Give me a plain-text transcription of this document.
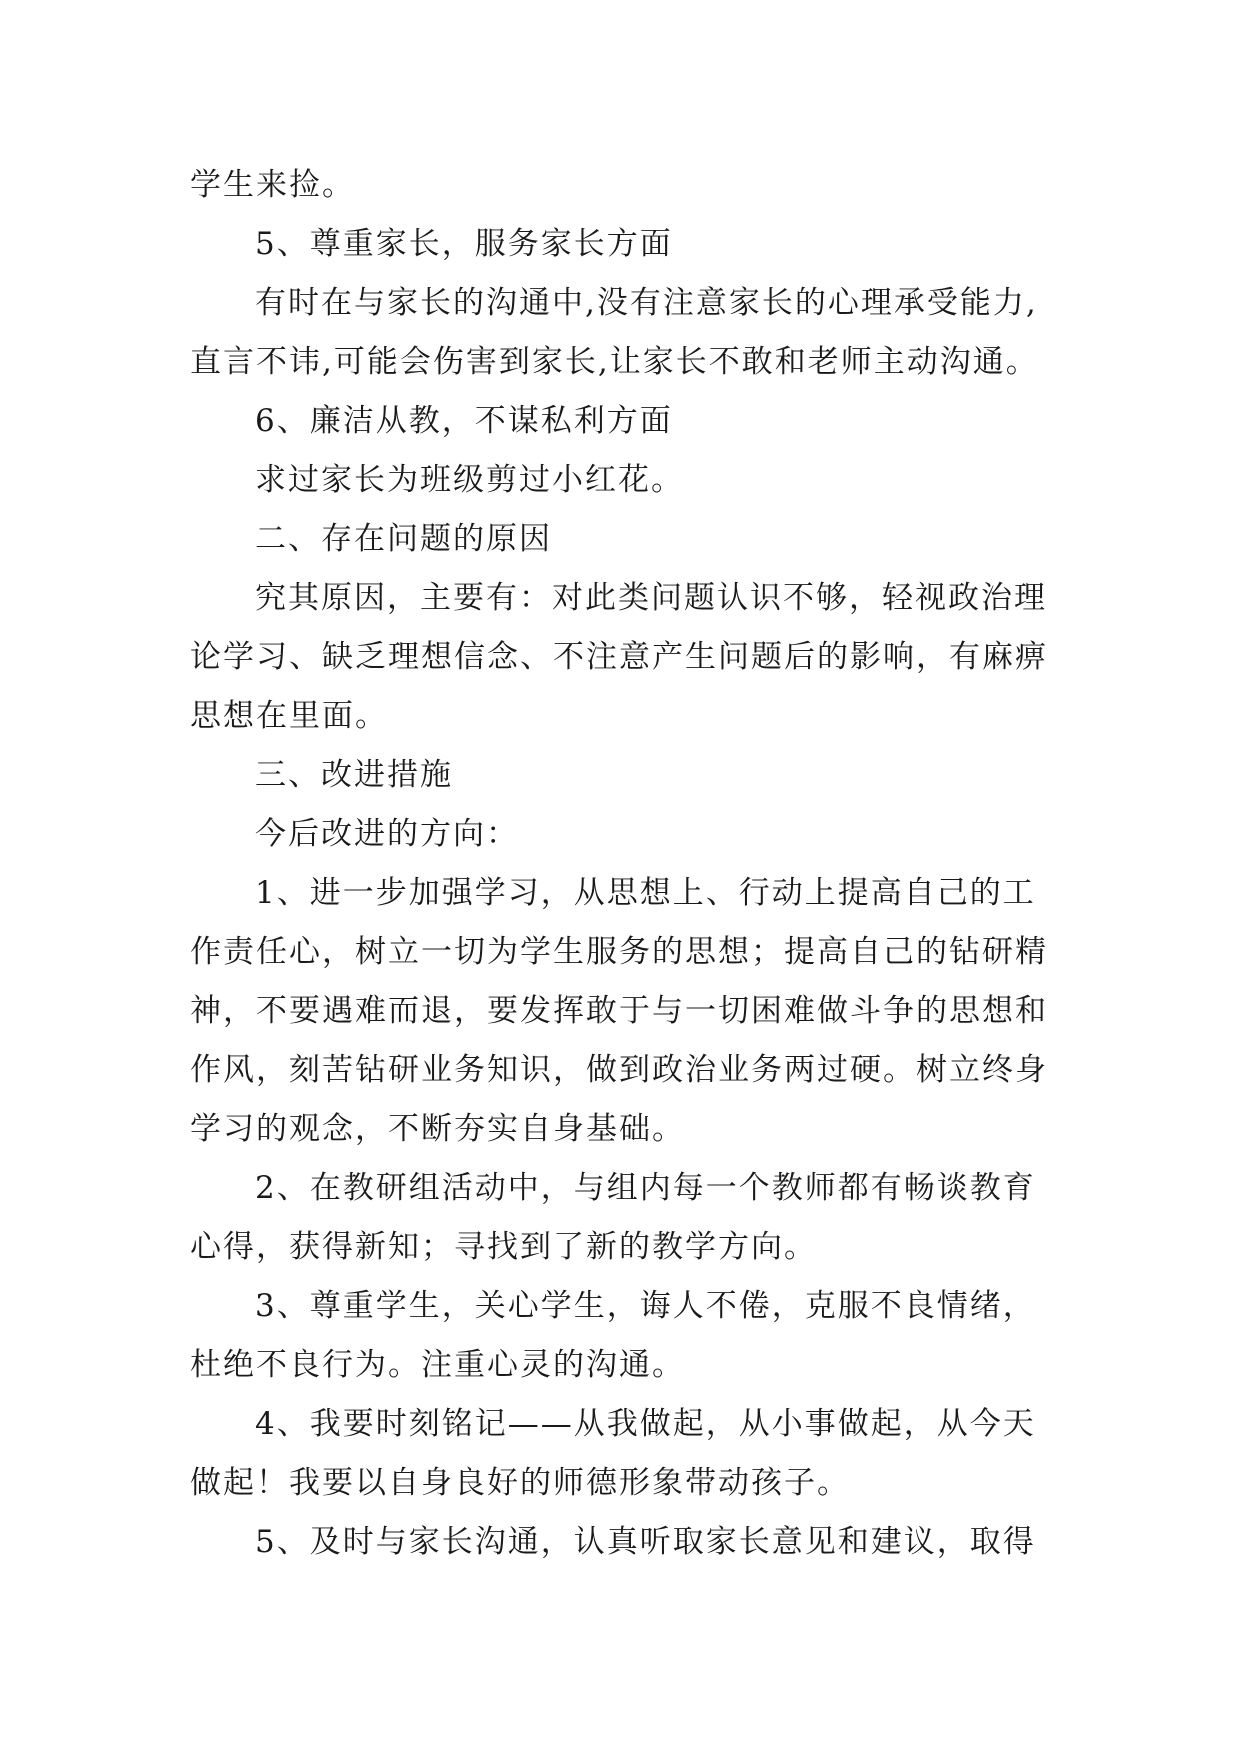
学生来捡。
5、尊重家长，服务家长方面
有时在与家长的沟通中,没有注意家长的心理承受能力,
直言不讳,可能会伤害到家长,让家长不敢和老师主动沟通。
6、廉洁从教，不谋私利方面
求过家长为班级剪过小红花。
二、存在问题的原因
究其原因，主要有：对此类问题认识不够，轻视政治理
论学习、缺乏理想信念、不注意产生问题后的影响，有麻痹
思想在里面。
三、改进措施
今后改进的方向：
1、进一步加强学习，从思想上、行动上提高自己的工
作责任心，树立一切为学生服务的思想；提高自己的钻研精
神，不要遇难而退，要发挥敢于与一切困难做斗争的思想和
作风，刻苦钻研业务知识，做到政治业务两过硬。树立终身
学习的观念，不断夯实自身基础。
2、在教研组活动中，与组内每一个教师都有畅谈教育
心得，获得新知；寻找到了新的教学方向。
3、尊重学生，关心学生，诲人不倦，克服不良情绪，
杜绝不良行为。注重心灵的沟通。
4、我要时刻铭记——从我做起，从小事做起，从今天
做起！我要以自身良好的师德形象带动孩子。
5、及时与家长沟通，认真听取家长意见和建议，取得
